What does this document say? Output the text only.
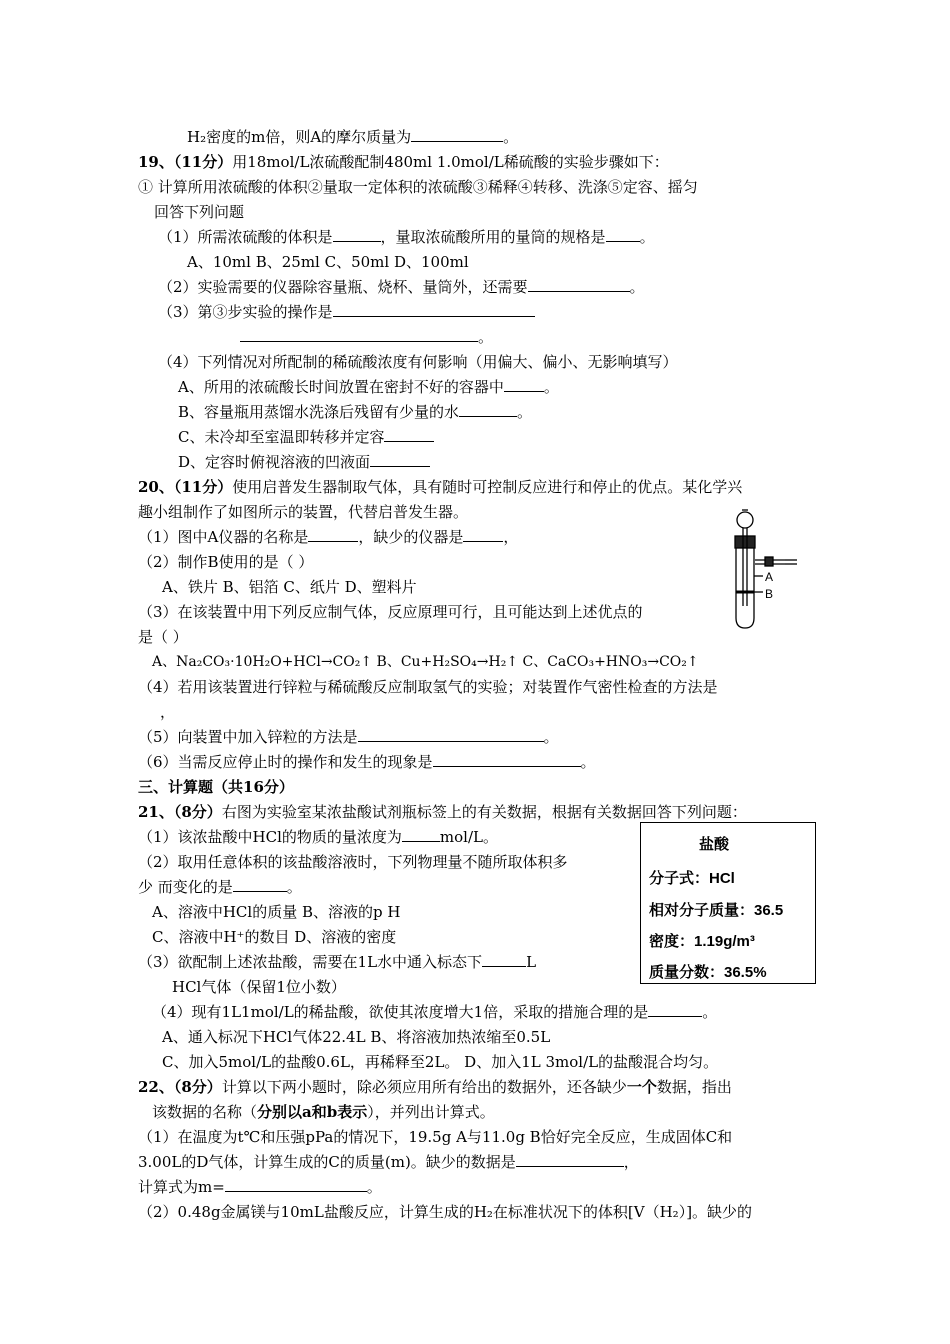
H₂密度的m倍，则A的摩尔质量为	。
19、（11分）用18mol/L浓硫酸配制480ml 1.0mol/L稀硫酸的实验步骤如下：
① 计算所用浓硫酸的体积②量取一定体积的浓硫酸③稀释④转移、洗涤⑤定容、摇匀
回答下列问题
（1）所需浓硫酸的体积是	，量取浓硫酸所用的量筒的规格是 。
A、10ml B、25ml C、50ml D、100ml
（2）实验需要的仪器除容量瓶、烧杯、量筒外，还需要	。
（3）第③步实验的操作是
。
（4）下列情况对所配制的稀硫酸浓度有何影响（用偏大、偏小、无影响填写）
A、所用的浓硫酸长时间放置在密封不好的容器中	。
B、容量瓶用蒸馏水洗涤后残留有少量的水	。
C、未冷却至室温即转移并定容
D、定容时俯视溶液的凹液面
20、（11分）使用启普发生器制取气体，具有随时可控制反应进行和停止的优点。某化学兴
趣小组制作了如图所示的装置，代替启普发生器。
（1）图中A仪器的名称是	，缺少的仪器是	，
（2）制作B使用的是（ ）
A、铁片 B、铝箔 C、纸片 D、塑料片
（3）在该装置中用下列反应制气体，反应原理可行，且可能达到上述优点的
是（ ）
A、Na₂CO₃·10H₂O+HCl→CO₂↑ B、Cu+H₂SO₄→H₂↑ C、CaCO₃+HNO₃→CO₂↑
（4）若用该装置进行锌粒与稀硫酸反应制取氢气的实验；对装置作气密性检查的方法是
，
（5）向装置中加入锌粒的方法是	。
（6）当需反应停止时的操作和发生的现象是	。
A
B
三、计算题（共16分）
21、（8分）右图为实验室某浓盐酸试剂瓶标签上的有关数据，根据有关数据回答下列问题：
（1）该浓盐酸中HCl的物质的量浓度为	mol/L。
（2）取用任意体积的该盐酸溶液时，下列物理量不随所取体积多
少 而变化的是	。
A、溶液中HCl的质量 B、溶液的p H
C、溶液中H⁺的数目 D、溶液的密度
（3）欲配制上述浓盐酸，需要在1L水中通入标态下	L
HCl气体（保留1位小数）
（4）现有1L1mol/L的稀盐酸，欲使其浓度增大1倍，采取的措施合理的是	。
A、通入标况下HCl气体22.4L B、将溶液加热浓缩至0.5L
C、加入5mol/L的盐酸0.6L，再稀释至2L。 D、加入1L 3mol/L的盐酸混合均匀。
盐酸
分子式：HCl
相对分子质量：36.5
密度：1.19g/m³
质量分数：36.5%
22、（8分）计算以下两小题时，除必须应用所有给出的数据外，还各缺少一个数据，指出
该数据的名称（分别以a和b表示），并列出计算式。
（1）在温度为t℃和压强pPa的情况下，19.5g A与11.0g B恰好完全反应，生成固体C和
3.00L的D气体，计算生成的C的质量(m)。缺少的数据是	，
计算式为m=	。
（2）0.48g金属镁与10mL盐酸反应，计算生成的H₂在标准状况下的体积[V（H₂）]。缺少的
